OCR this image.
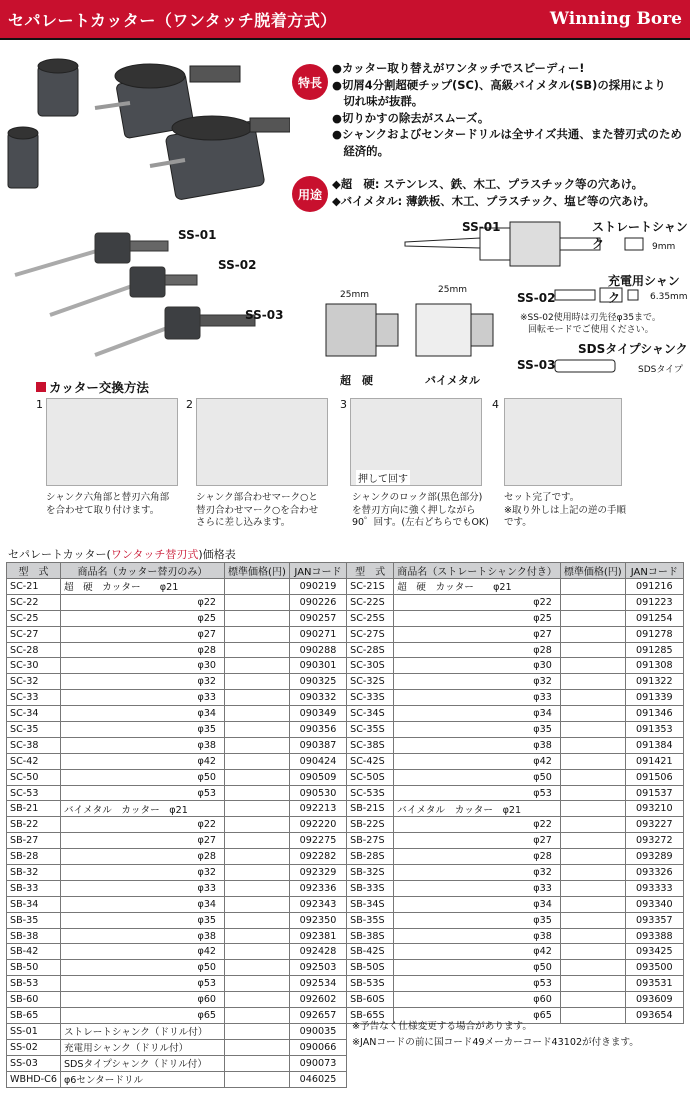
セパレートカッター（ワンタッチ脱着方式）	Winning Bore
特長
●カッター取り替えがワンタッチでスピーディー!
●切屑4分割超硬チップ(SC)、高級バイメタル(SB)の採用により
　切れ味が抜群。
●切りかすの除去がスムーズ。
●シャンクおよびセンタードリルは全サイズ共通、また替刃式のため
　経済的。
用途
◆超　硬: ステンレス、鉄、木工、プラスチック等の穴あけ。
◆バイメタル: 薄鉄板、木工、プラスチック、塩ビ等の穴あけ。
SS-01
SS-02
SS-03
SS-01	ストレートシャンク	9mm
充電用シャンク
SS-02	6.35mm
※SS-02使用時は刃先径φ35まで。
回転モードでご使用ください。
SDSタイプシャンク
SS-03	SDSタイプ
25mm	25mm
超　硬	バイメタル
カッター交換方法
1
シャンク六角部と替刃六角部
を合わせて取り付けます。
2
シャンク部合わせマーク○と
替刃合わせマーク○を合わせ
さらに差し込みます。
3
押して回す
シャンクのロック部(黒色部分)
を替刃方向に強く押しながら
90゜回す。(左右どちらでもOK)
4
セット完了です。
※取り外しは上記の逆の手順
です。
セパレートカッター(ワンタッチ替刃式)価格表
型　式	商品名（カッター替刃のみ）	標準価格(円)	JANコード	型　式	商品名（ストレートシャンク付き）	標準価格(円)	JANコード
SC-21	超　硬　カッター　　φ21		090219	SC-21S	超　硬　カッター　　φ21		091216
SC-22	φ22		090226	SC-22S	φ22		091223
SC-25	φ25		090257	SC-25S	φ25		091254
SC-27	φ27		090271	SC-27S	φ27		091278
SC-28	φ28		090288	SC-28S	φ28		091285
SC-30	φ30		090301	SC-30S	φ30		091308
SC-32	φ32		090325	SC-32S	φ32		091322
SC-33	φ33		090332	SC-33S	φ33		091339
SC-34	φ34		090349	SC-34S	φ34		091346
SC-35	φ35		090356	SC-35S	φ35		091353
SC-38	φ38		090387	SC-38S	φ38		091384
SC-42	φ42		090424	SC-42S	φ42		091421
SC-50	φ50		090509	SC-50S	φ50		091506
SC-53	φ53		090530	SC-53S	φ53		091537
SB-21	バイメタル　カッター　φ21		092213	SB-21S	バイメタル　カッター　φ21		093210
SB-22	φ22		092220	SB-22S	φ22		093227
SB-27	φ27		092275	SB-27S	φ27		093272
SB-28	φ28		092282	SB-28S	φ28		093289
SB-32	φ32		092329	SB-32S	φ32		093326
SB-33	φ33		092336	SB-33S	φ33		093333
SB-34	φ34		092343	SB-34S	φ34		093340
SB-35	φ35		092350	SB-35S	φ35		093357
SB-38	φ38		092381	SB-38S	φ38		093388
SB-42	φ42		092428	SB-42S	φ42		093425
SB-50	φ50		092503	SB-50S	φ50		093500
SB-53	φ53		092534	SB-53S	φ53		093531
SB-60	φ60		092602	SB-60S	φ60		093609
SB-65	φ65		092657	SB-65S	φ65		093654
SS-01	ストレートシャンク（ドリル付）		090035				
SS-02	充電用シャンク（ドリル付）		090066				
SS-03	SDSタイプシャンク（ドリル付）		090073				
WBHD-C6	φ6センタードリル		046025				
※予告なく仕様変更する場合があります。
※JANコードの前に国コード49メーカーコード43102が付きます。
